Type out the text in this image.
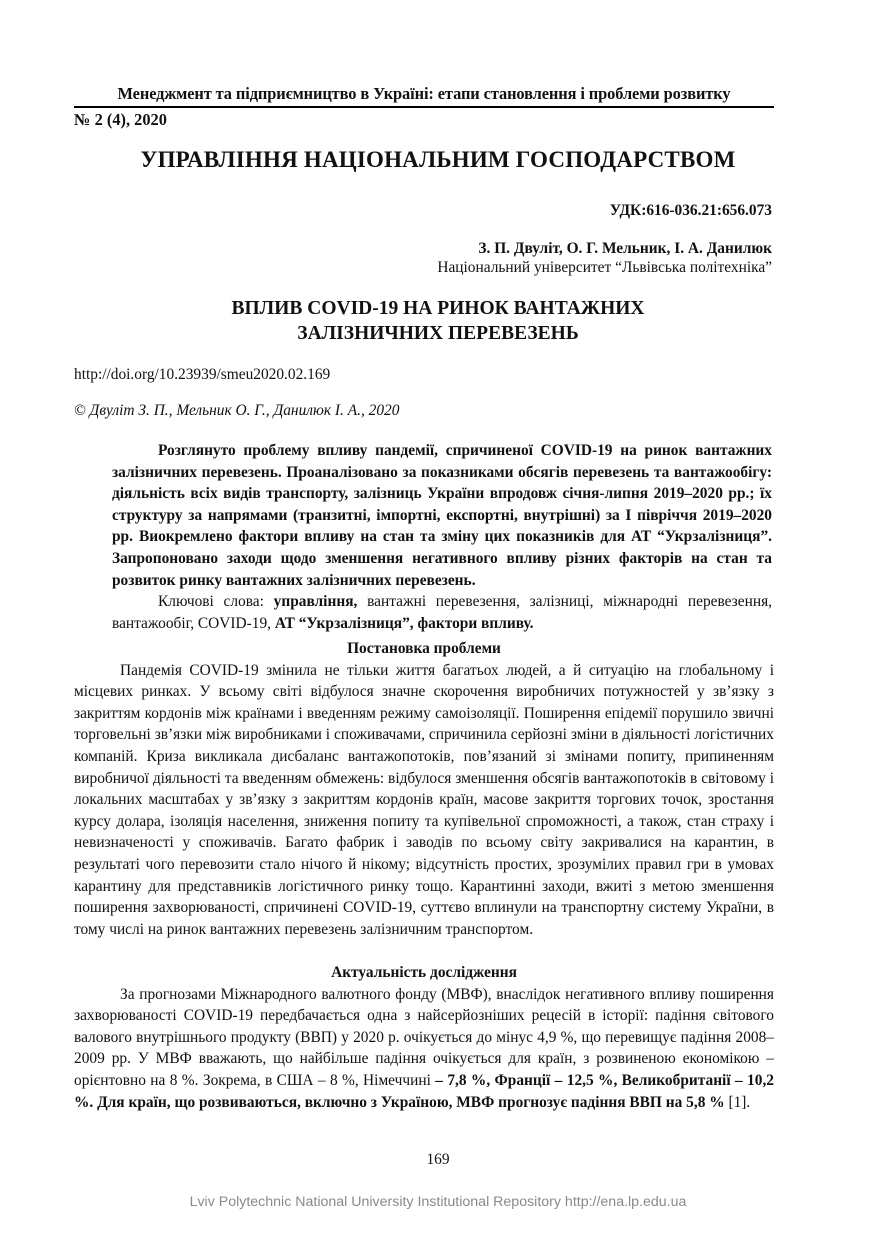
Менеджмент та підприємництво в Україні: етапи становлення і проблеми розвитку
№ 2 (4), 2020
УПРАВЛІННЯ НАЦІОНАЛЬНИМ ГОСПОДАРСТВОМ
УДК:616-036.21:656.073
З. П. Двуліт, О. Г. Мельник, І. А. Данилюк
Національний університет “Львівська політехніка”
ВПЛИВ COVID-19 НА РИНОК ВАНТАЖНИХ
ЗАЛІЗНИЧНИХ ПЕРЕВЕЗЕНЬ
http://doi.org/10.23939/smeu2020.02.169
© Двуліт З. П., Мельник О. Г., Данилюк І. А., 2020

Розглянуто проблему впливу пандемії, спричиненої COVID-19 на ринок вантажних залізничних перевезень. Проаналізовано за показниками обсягів перевезень та вантажообігу: діяльність всіх видів транспорту, залізниць України впродовж січня-липня 2019–2020 рр.; їх структуру за напрямами (транзитні, імпортні, експортні, внутрішні) за І півріччя 2019–2020 рр. Виокремлено фактори впливу на стан та зміну цих показників для АТ “Укрзалізниця”. Запропоновано заходи щодо зменшення негативного впливу різних факторів на стан та розвиток ринку вантажних залізничних перевезень.

Ключові слова: управління, вантажні перевезення, залізниці, міжнародні перевезення, вантажообіг, COVID-19, АТ “Укрзалізниця”, фактори впливу.

Постановка проблеми

Пандемія COVID-19 змінила не тільки життя багатьох людей, а й ситуацію на глобальному і місцевих ринках. У всьому світі відбулося значне скорочення виробничих потужностей у зв’язку з закриттям кордонів між країнами і введенням режиму самоізоляції. Поширення епідемії порушило звичні торговельні зв’язки між виробниками і споживачами, спричинила серйозні зміни в діяльності логістичних компаній. Криза викликала дисбаланс вантажопотоків, пов’язаний зі змінами попиту, припиненням виробничої діяльності та введенням обмежень: відбулося зменшення обсягів вантажопотоків в світовому і локальних масштабах у зв’язку з закриттям кордонів країн, масове закриття торгових точок, зростання курсу долара, ізоляція населення, зниження попиту та купівельної спроможності, а також, стан страху і невизначеності у споживачів. Багато фабрик і заводів по всьому світу закривалися на карантин, в результаті чого перевозити стало нічого й нікому; відсутність простих, зрозумілих правил гри в умовах карантину для представників логістичного ринку тощо. Карантинні заходи, вжиті з метою зменшення поширення захворюваності, спричинені COVID-19, суттєво вплинули на транспортну систему України, в тому числі на ринок вантажних перевезень залізничним транспортом.

Актуальність дослідження

За прогнозами Міжнародного валютного фонду (МВФ), внаслідок негативного впливу поширення захворюваності COVID-19 передбачається одна з найсерйозніших рецесій в історії: падіння світового валового внутрішнього продукту (ВВП) у 2020 р. очікується до мінус 4,9 %, що перевищує падіння 2008–2009 рр. У МВФ вважають, що найбільше падіння очікується для країн, з розвиненою економікою – орієнтовно на 8 %. Зокрема, в США – 8 %, Німеччині – 7,8 %, Франції – 12,5 %, Великобританії – 10,2 %. Для країн, що розвиваються, включно з Україною, МВФ прогнозує падіння ВВП на 5,8 % [1].

169
Lviv Polytechnic National University Institutional Repository http://ena.lp.edu.ua
